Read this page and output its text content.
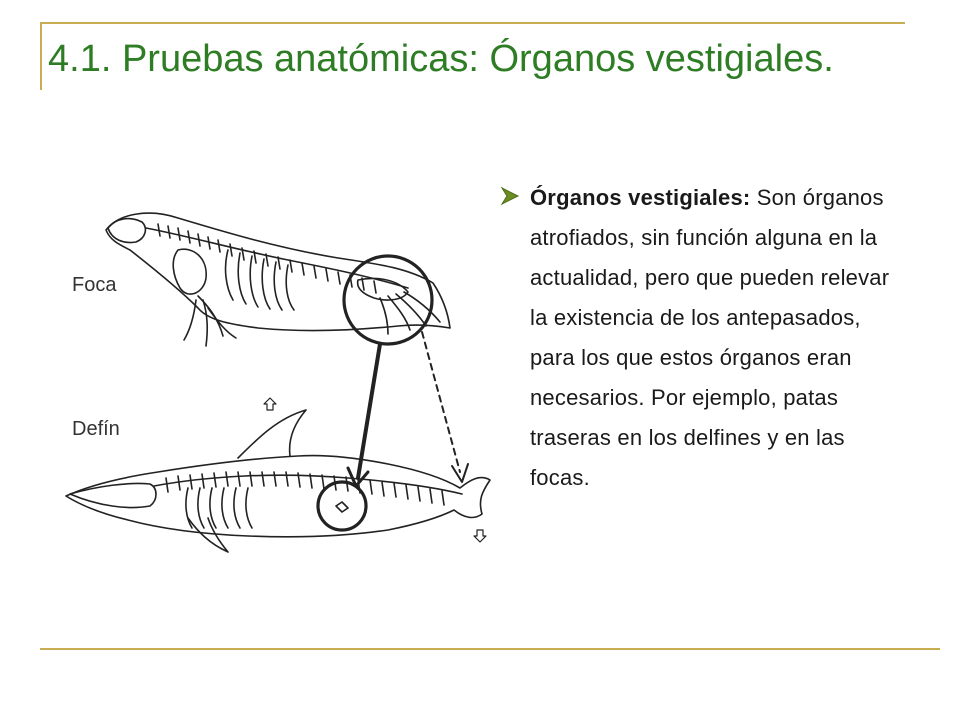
4.1. Pruebas anatómicas: Órganos vestigiales.
Foca
Defín
Órganos vestigiales: Son órganos atrofiados, sin función alguna en la actualidad, pero que pueden relevar la existencia de los antepasados, para los que estos órganos eran necesarios. Por ejemplo, patas traseras en los delfines y en las focas.
